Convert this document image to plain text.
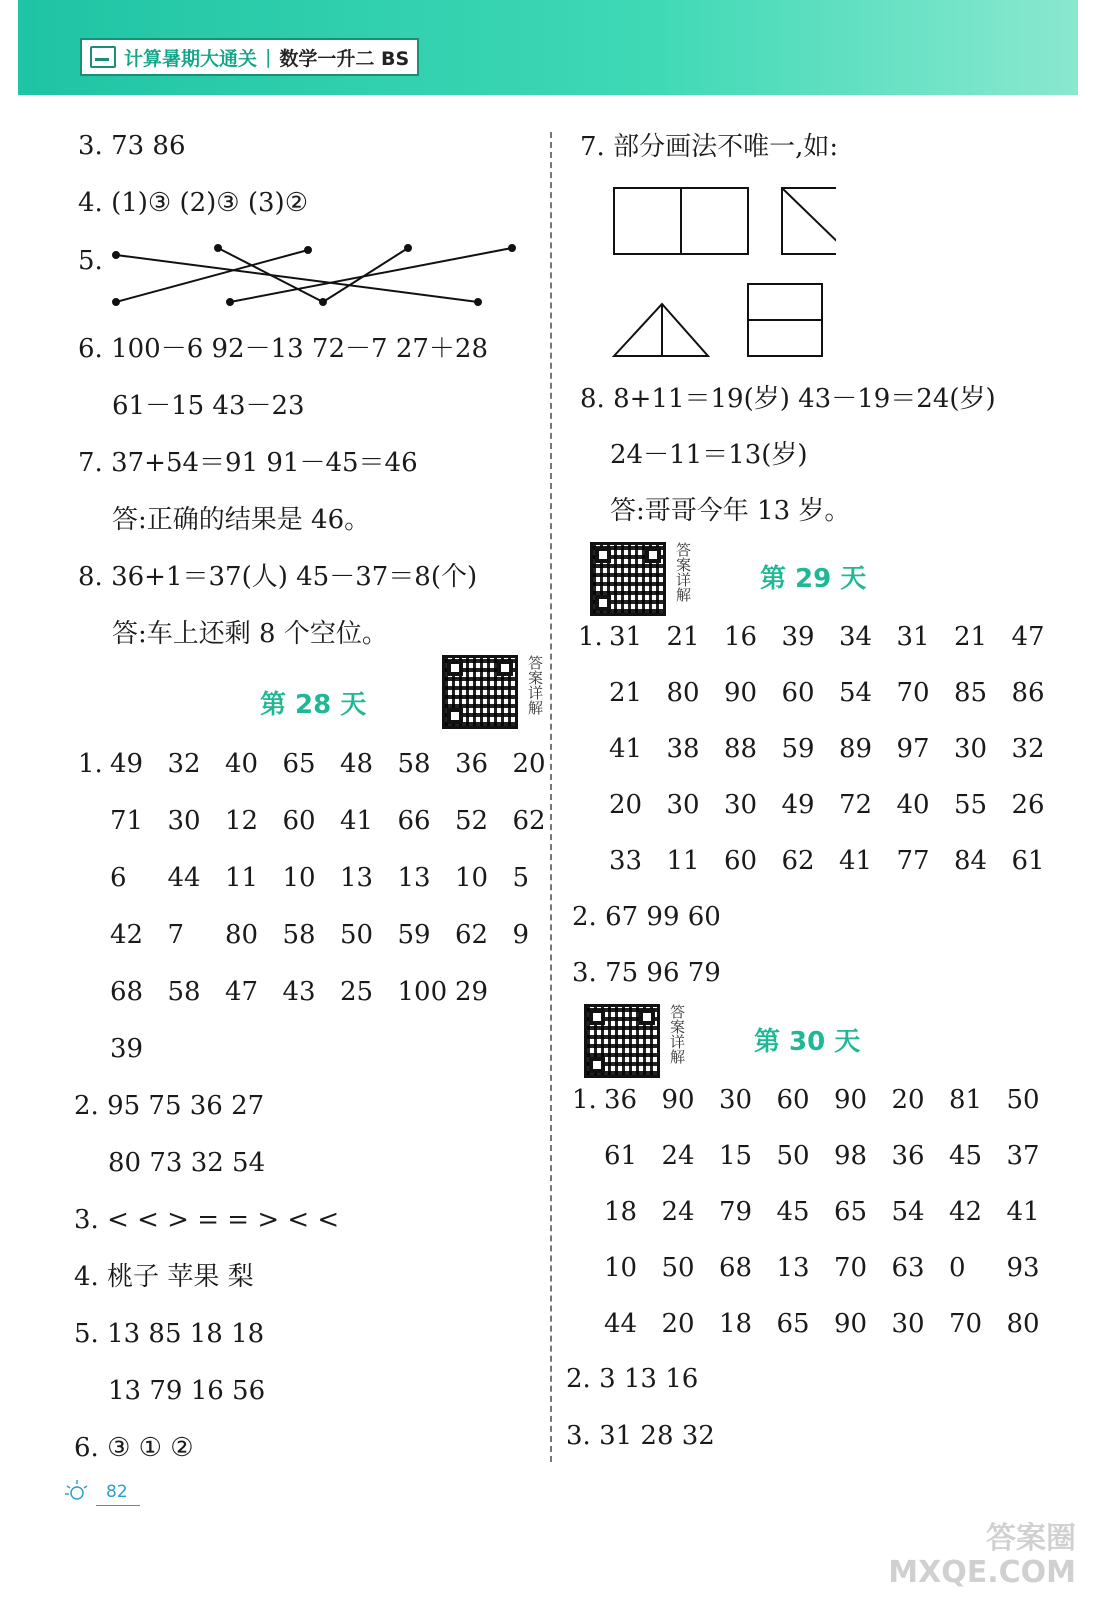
计算暑期大通关 | 数学一升二 BS
3. 73 86
4. (1)③ (2)③ (3)②
5.
6. 100－6 92－13 72－7 27＋28
61－15 43－23
7. 37+54＝91 91－45＝46
答:正确的结果是 46。
8. 36+1＝37(人) 45－37＝8(个)
答:车上还剩 8 个空位。
第 28 天	答案详解
1. 49 32 40 65 48 58 36 20
71 30 12 60 41 66 52 62
6 44 11 10 13 13 10 5
42 7 80 58 50 59 62 9
68 58 47 43 25 100 29
39
2. 95 75 36 27
80 73 32 54
3. < < > = = > < <
4. 桃子 苹果 梨
5. 13 85 18 18
13 79 16 56
6. ③ ① ②
7. 部分画法不唯一,如:
8. 8+11＝19(岁) 43－19＝24(岁)
24－11＝13(岁)
答:哥哥今年 13 岁。
答案详解	第 29 天
1. 31 21 16 39 34 31 21 47
21 80 90 60 54 70 85 86
41 38 88 59 89 97 30 32
20 30 30 49 72 40 55 26
33 11 60 62 41 77 84 61
2. 67 99 60
3. 75 96 79
答案详解	第 30 天
1. 36 90 30 60 90 20 81 50
61 24 15 50 98 36 45 37
18 24 79 45 65 54 42 41
10 50 68 13 70 63 0 93
44 20 18 65 90 30 70 80
2. 3 13 16
3. 31 28 32
82
答案圈
MXQE.COM
